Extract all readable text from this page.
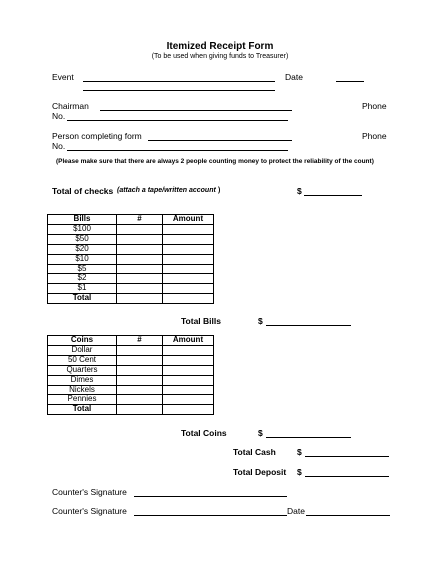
Itemized Receipt Form
(To be used when giving funds to Treasurer)
Event	Date
Chairman	Phone
No.
Person completing form	Phone
No.
(Please make sure that there are always 2 people counting money to protect the reliability of the count)
Total of checks (attach a tape/written account )	$
Bills	#	Amount
$100		
$50		
$20		
$10		
$5		
$2		
$1		
Total		
Total Bills	$
Coins	#	Amount
Dollar		
50 Cent		
Quarters		
Dimes		
Nickels		
Pennies		
Total		
Total Coins	$
Total Cash $
Total Deposit $
Counter's Signature
Counter's Signature	Date
